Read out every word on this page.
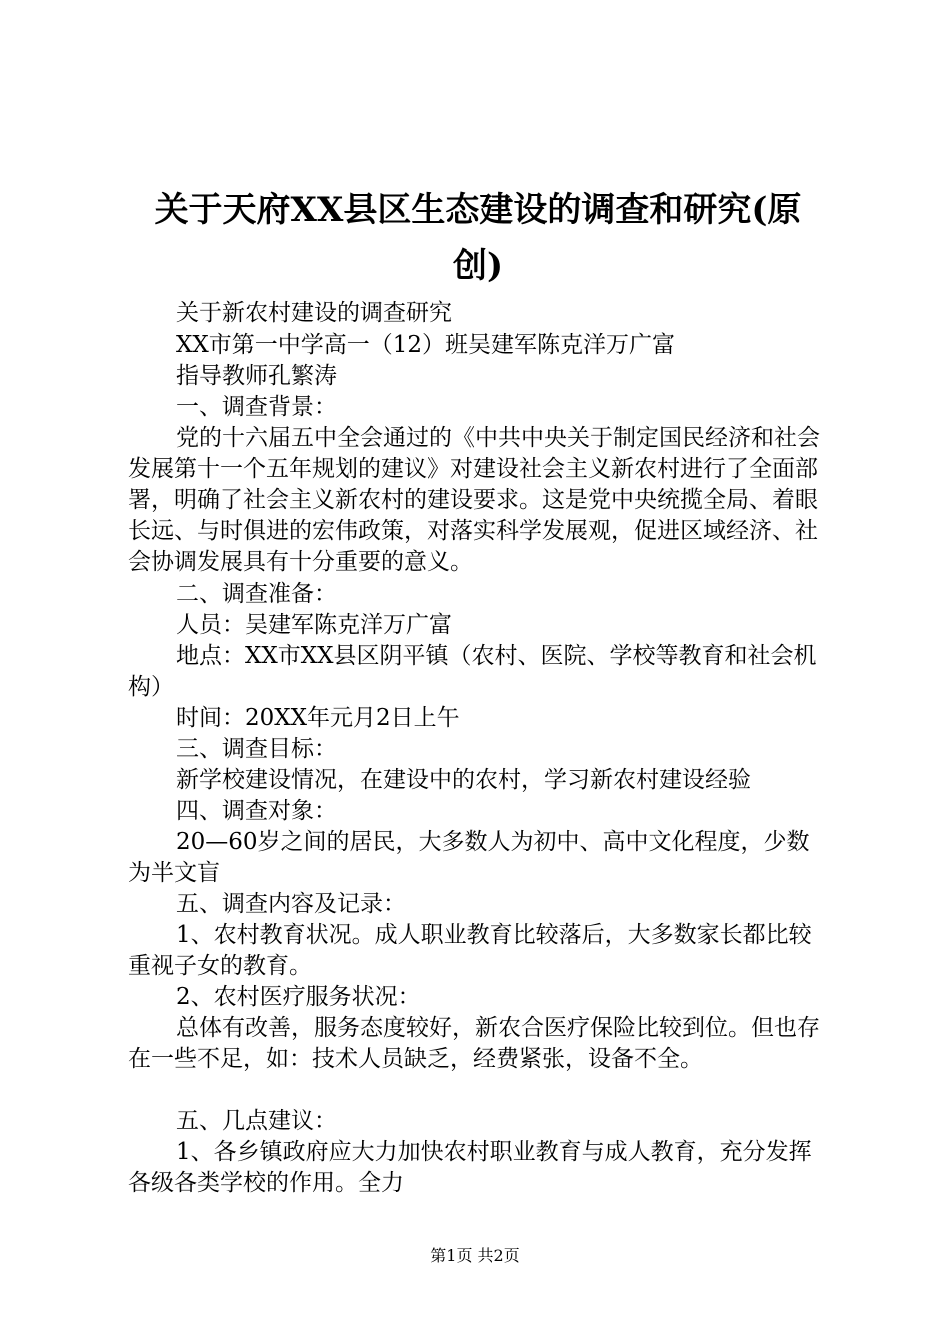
关于天府XX县区生态建设的调查和研究(原
创)
关于新农村建设的调查研究
XX市第一中学高一（12）班吴建军陈克洋万广富
指导教师孔繁涛
一、调查背景：
党的十六届五中全会通过的《中共中央关于制定国民经济和社会发展第十一个五年规划的建议》对建设社会主义新农村进行了全面部署，明确了社会主义新农村的建设要求。这是党中央统揽全局、着眼长远、与时俱进的宏伟政策，对落实科学发展观，促进区域经济、社会协调发展具有十分重要的意义。
二、调查准备：
人员：吴建军陈克洋万广富
地点：XX市XX县区阴平镇（农村、医院、学校等教育和社会机构）
时间：20XX年元月2日上午
三、调查目标：
新学校建设情况，在建设中的农村，学习新农村建设经验
四、调查对象：
20—60岁之间的居民，大多数人为初中、高中文化程度，少数为半文盲
五、调查内容及记录：
1、农村教育状况。成人职业教育比较落后，大多数家长都比较重视子女的教育。
2、农村医疗服务状况：
总体有改善，服务态度较好，新农合医疗保险比较到位。但也存在一些不足，如：技术人员缺乏，经费紧张，设备不全。
五、几点建议：
1、各乡镇政府应大力加快农村职业教育与成人教育，充分发挥各级各类学校的作用。全力
第1页 共2页
